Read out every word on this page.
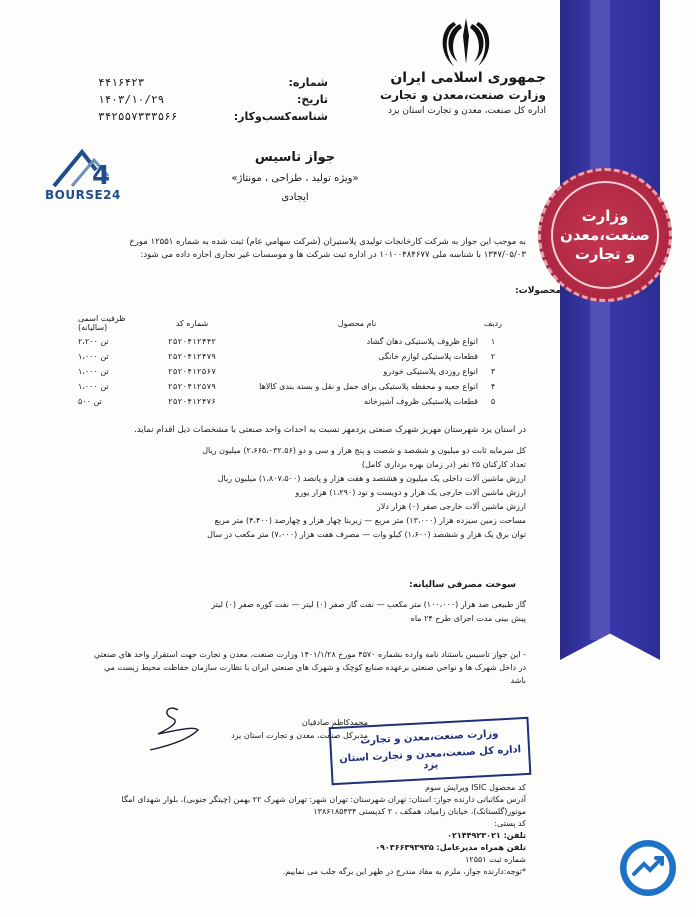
جمهوری اسلامی ایران
وزارت صنعت،معدن و تجارت
اداره کل صنعت، معدن و تجارت استان یزد
شماره:
۴۴۱۶۴۲۳
تاریخ:
۱۴۰۳/۱۰/۲۹
شناسه‌کسب‌وکار:
۳۴۲۵۵۷۳۳۳۵۶۶
4
BOURSE24
وزارت
صنعت،معدن
و تجارت
جواز تاسیس
«ویژه تولید ، طراحی ، مونتاژ»
ایجادی
به موجب این جواز به شرکت کارخانجات تولیدی پلاستیران (شرکت سهامي عام) ثبت شده به شماره ۱۲۵۵۱ مورخ
۱۳۴۷/۰۵/۰۳ با شناسه ملی ۱۰۱۰۰۴۸۴۶۷۷ در اداره ثبت شرکت ها و موسسات غیر تجاری اجازه داده می شود:
محصولات:
ردیف	نام محصول	شماره کد	ظرفیت اسمی (سالیانه)
۱	انواع ظروف پلاستیکی دهان گشاد	۲۵۲۰۴۱۲۴۴۲	۲،۲۰۰ تن
۲	قطعات پلاستیکی لوازم خانگی	۲۵۲۰۴۱۲۴۷۹	۱،۰۰۰ تن
۳	انواع روزدی پلاستیکی خودرو	۲۵۲۰۴۱۲۵۶۷	۱،۰۰۰ تن
۴	انواع جعبه و محفظه پلاستیکی برای حمل و نقل و بسته بندی کالاها	۲۵۲۰۴۱۲۵۷۹	۱،۰۰۰ تن
۵	قطعات پلاستیکی ظروف آشپزخانه	۲۵۲۰۴۱۲۴۷۶	۵۰۰ تن
در استان یزد شهرستان مهریز شهرک صنعتی یزدمهر نسبت به احداث واحد صنعتی با مشخصات ذیل اقدام نماید.
کل سرمایه ثابت دو میلیون و ششصد و شصت و پنج هزار و سی و دو (۲،۶۶۵،۰۳۲.۵۶) میلیون ریال
تعداد کارکنان ۲۵ نفر (در زمان بهره برداری کامل)
ارزش ماشین آلات داخلی یک میلیون و هشتصد و هفت هزار و پانصد (۱،۸۰۷،۵۰۰) میلیون ریال
ارزش ماشین آلات خارجی یک هزار و دویست و نود (۱،۲۹۰) هزار یورو
ارزش ماشین آلات خارجی صفر (۰) هزار دلار
مساحت زمین سیزده هزار (۱۳،۰۰۰) متر مربع — زیربنا چهار هزار و چهارصد (۴،۴۰۰) متر مربع
توان برق یک هزار و ششصد (۱،۶۰۰) کیلو وات — مصرف هفت هزار (۷،۰۰۰) متر مکعب در سال
سوخت مصرفی سالیانه:
گاز طبیعی صد هزار (۱۰۰،۰۰۰) متر مکعب — نفت گاز صفر (۰) لیتر — نفت کوره صفر (۰) لیتر
پیش بینی مدت اجرای طرح ۲۴ ماه
- این جواز تاسیس باستناد نامه وارده بشماره ۴۵۷۰ مورخ ۱۴۰۱/۱/۲۸ وزارت صنعت، معدن و تجارت جهت استقرار واحد هاي صنعتي
در داخل شهرک ها و نواحي صنعتي برعهده صنايع کوچک و شهرک هاي صنعتي ايران با نظارت سازمان حفاظت محيط زيست مي باشد
محمدکاظم صادقیان
مدیرکل صنعت، معدن و تجارت استان یزد
وزارت صنعت،معدن و تجارت
اداره کل صنعت،معدن و تجارت استان یزد
کد محصول ISIC ویرایش سوم
آدرس مکاتباتی دارنده جواز: استان: تهران شهرستان: تهران شهر: تهران شهرک ۲۲ بهمن (چیتگر جنوبی)، بلوار شهدای امگا
موتور(گلستانک)، خیابان زامیاد، همکف ، ۲ کدپستی ۱۳۸۶۱۸۵۴۳۴
کد پستی:
تلفن: ۰۲۱۴۴۹۲۳۰۲۱
تلفن همراه مدیرعامل: ۰۹۰۳۶۶۳۹۳۹۳۵
شماره ثبت ۱۲۵۵۱
*توجه:دارنده جواز، ملزم به مفاد مندرج در ظهر این برگه جلب می نمایيم.
